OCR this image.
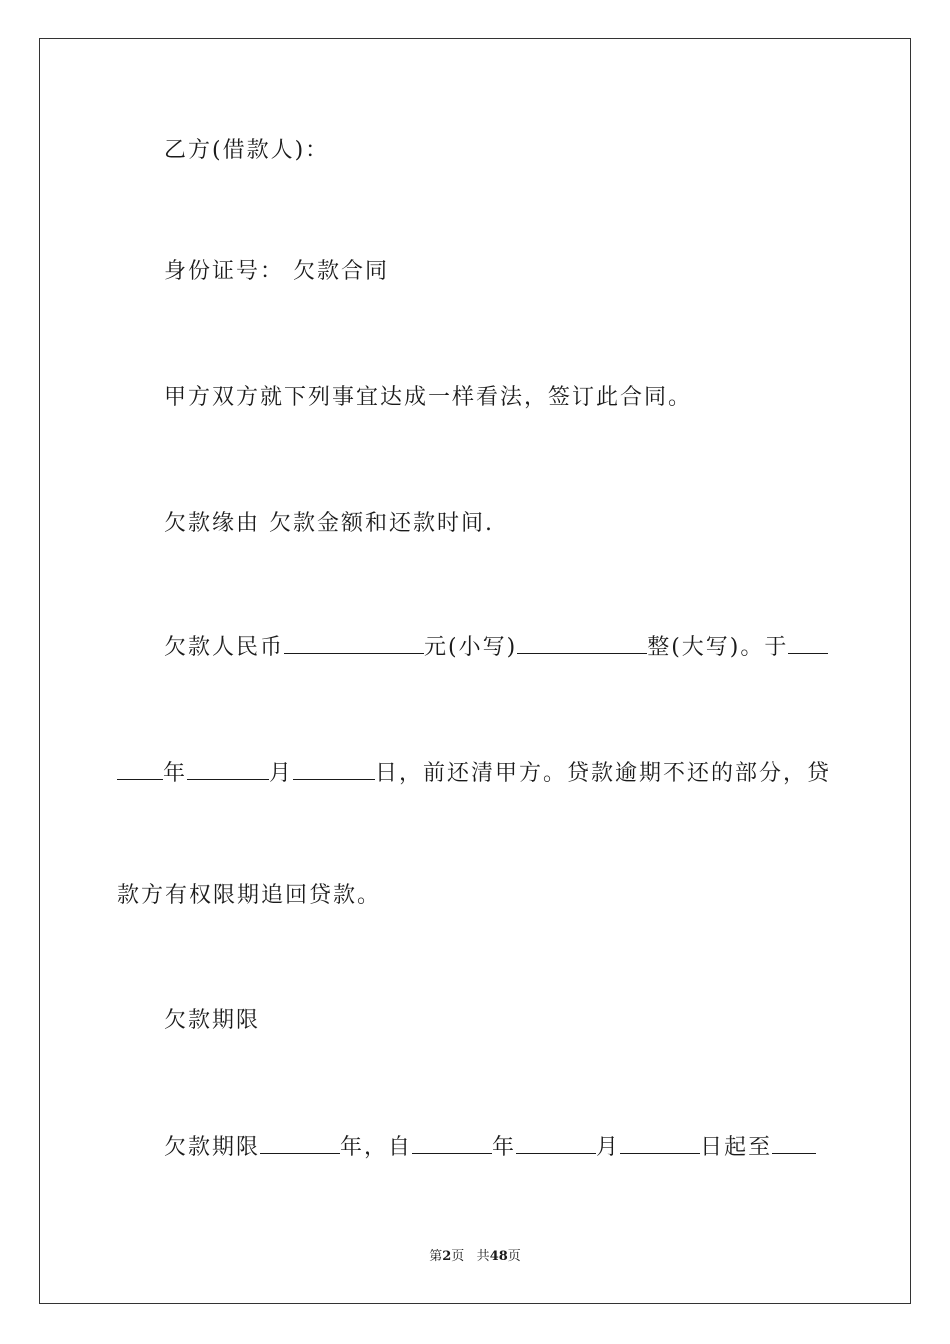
乙方(借款人)：
身份证号： 欠款合同
甲方双方就下列事宜达成一样看法，签订此合同。
欠款缘由 欠款金额和还款时间.
欠款人民币	元(小写)	整(大写)。于
年	月	日，前还清甲方。贷款逾期不还的部分，贷
款方有权限期追回贷款。
欠款期限
欠款期限	年，自	年	月	日起至
第2页 共48页
